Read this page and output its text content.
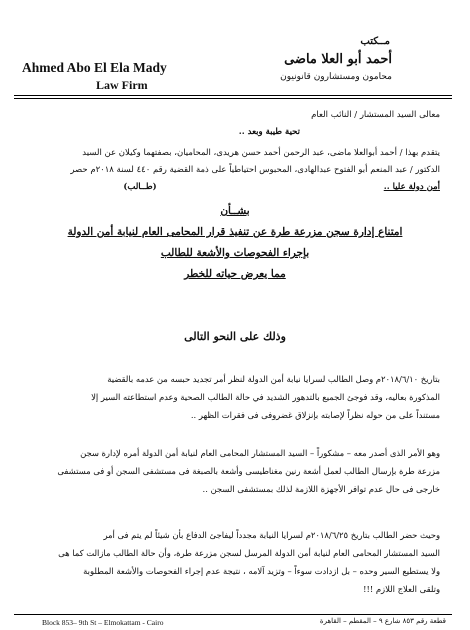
مــكتب
أحمد أبو العلا ماضى
محامون ومستشارون قانونيون
Ahmed Abo El Ela Mady
Law Firm
معالى السيد المستشار / النائب العام
تحية طيبة وبعد ..
يتقدم بهذا / أحمد أبوالعلا ماضى، عبد الرحمن أحمد حسن هريدى، المحاميان، بصفتهما وكيلان عن السيد
الدكتور / عبد المنعم أبو الفتوح عبدالهادى، المحبوس احتياطياً على ذمة القضية رقم ٤٤٠ لسنة ٢٠١٨م حصر
أمن دولة عليا ..
(طــالب)
بشــأن
امتناع إدارة سجن مزرعة طرة عن تنفيذ قرار المحامى العام لنيابة أمن الدولة
بإجراء الفحوصات والأشعة للطالب
مما يعرض حياته للخطر
وذلك على النحو التالى
بتاريخ ٢٠١٨/٦/١٠م وصل الطالب لسرايا نيابة أمن الدولة لنظر أمر تجديد حبسه من عدمه بالقضية
المذكورة بعاليه، وقد فوجئ الجميع بالتدهور الشديد في حالة الطالب الصحية وعدم استطاعته السير إلا
مستنداً على من حوله نظراً لإصابته بإنزلاق غضروفى فى فقرات الظهر ..
وهو الأمر الذى أصدر معه – مشكوراً – السيد المستشار المحامى العام لنيابة أمن الدولة أمره لإدارة سجن
مزرعة طرة بإرسال الطالب لعمل أشعة رنين مغناطيسى وأشعة بالصبغة فى مستشفى السجن أو فى مستشفى
خارجى فى حال عدم توافر الأجهزة اللازمة لذلك بمستشفى السجن ..
وحيث حضر الطالب بتاريخ ٢٠١٨/٦/٢٥م لسرايا النيابة مجدداً ليفاجئ الدفاع بأن شيئاً لم يتم فى أمر
السيد المستشار المحامى العام لنيابة أمن الدولة المرسل لسجن مزرعة طرة، وأن حالة الطالب مازالت كما هى
ولا يستطيع السير وحده – بل ازدادت سوءاً – وتزيد آلامه ، نتيجة عدم إجراء الفحوصات والأشعة المطلوبة
وتلقى العلاج اللازم !!!
Block 853– 9th St – Elmokattam - Cairo	قطعة رقم ٨٥٣ شارع ٩ – المقطم – القاهرة
